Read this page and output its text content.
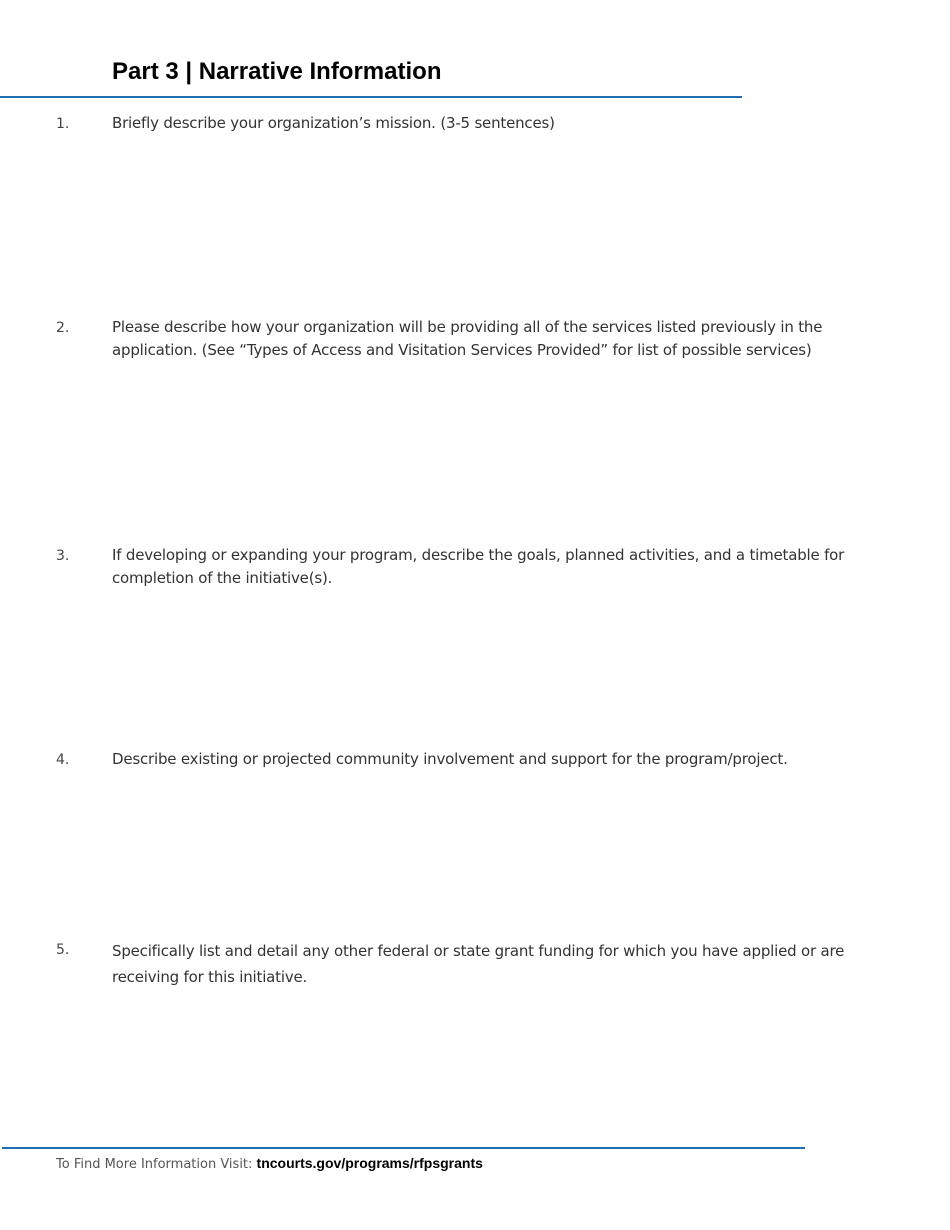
Part 3 | Narrative Information
1.	Briefly describe your organization’s mission. (3-5 sentences)
2.	Please describe how your organization will be providing all of the services listed previously in the application. (See “Types of Access and Visitation Services Provided” for list of possible services)
3.	If developing or expanding your program, describe the goals, planned activities, and a timetable for completion of the initiative(s).
4.	Describe existing or projected community involvement and support for the program/project.
5.	Specifically list and detail any other federal or state grant funding for which you have applied or are receiving for this initiative.
To Find More Information Visit: tncourts.gov/programs/rfpsgrants
